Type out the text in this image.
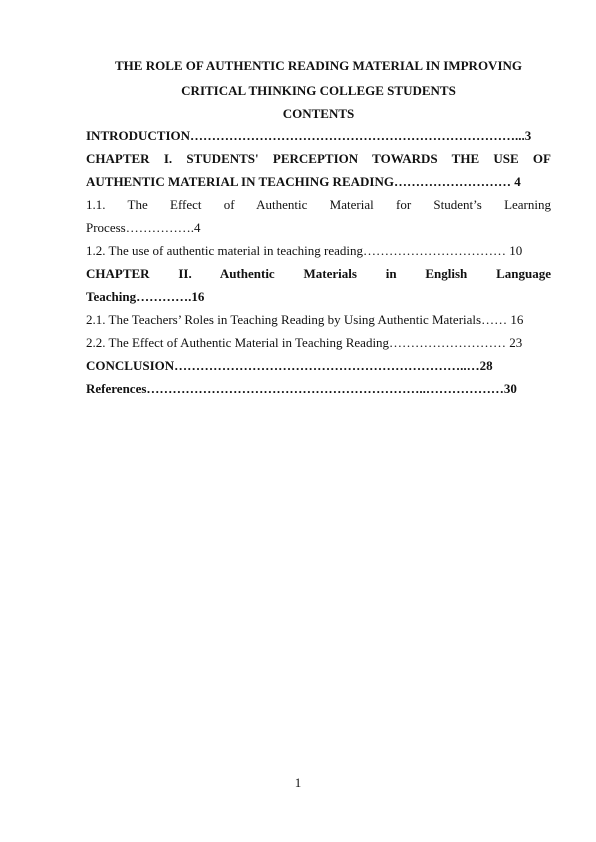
THE ROLE OF AUTHENTIC READING MATERIAL IN IMPROVING
CRITICAL THINKING COLLEGE STUDENTS
CONTENTS
INTRODUCTION…………………………………………………………………...3
CHAPTER I. STUDENTS' PERCEPTION TOWARDS THE USE OF AUTHENTIC MATERIAL IN TEACHING READING……………………… 4
1.1. The Effect of Authentic Material for Student’s Learning
Process…………….4
1.2. The use of authentic material in teaching reading…………………………… 10
CHAPTER II. Authentic Materials in English Language
Teaching………….16
2.1. The Teachers’ Roles in Teaching Reading by Using Authentic Materials…… 16
2.2. The Effect of Authentic Material in Teaching Reading……………………… 23
CONCLUSION…………………………………………………………..…28
References………………………………………………………..………………30
1
